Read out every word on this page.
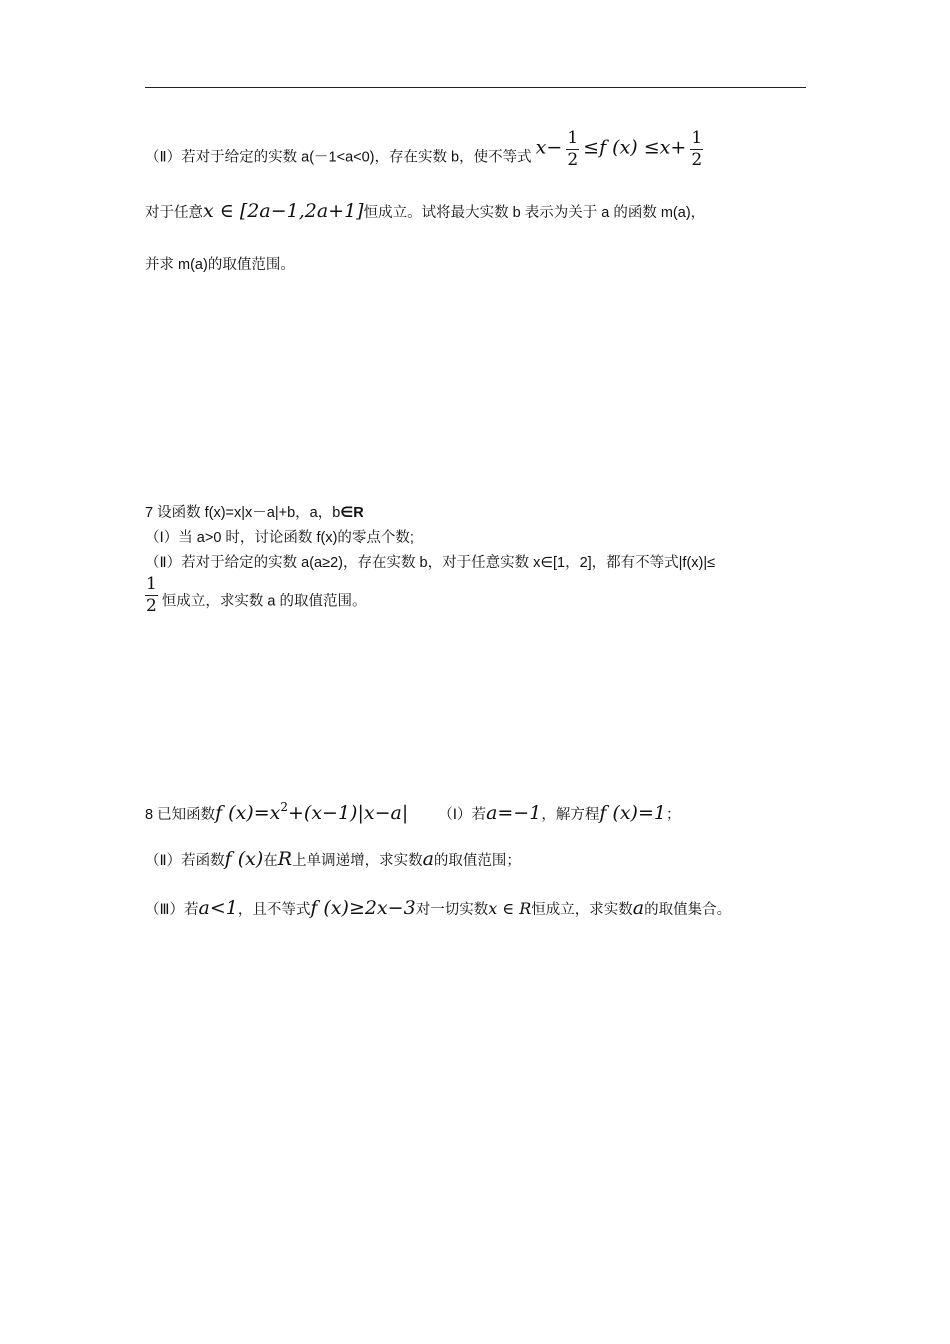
（Ⅱ）若对于给定的实数 a(－1<a<0)，存在实数 b，使不等式 $x- \frac{1}{2} \le f$ $(x) \le x+ \frac{1}{2}$
对于任意x ∈ [2a−1,2a+1]恒成立。试将最大实数 b 表示为关于 a 的函数 m(a)，
并求 m(a)的取值范围。
7 设函数 f(x)=x|x－a|+b，a，b∈R
（Ⅰ）当 a>0 时，讨论函数 f(x)的零点个数;
（Ⅱ）若对于给定的实数 a(a≥2)，存在实数 b，对于任意实数 x∈[1，2]，都有不等式|f(x)|≤
$\frac{1}{2}$ 恒成立，求实数 a 的取值范围。
8 已知函数f $(x)=x^2+(x-1)|x-a|$ （Ⅰ）若a=−1，解方程f (x)=1；
（Ⅱ）若函数f (x)在R上单调递增，求实数a的取值范围；
（Ⅲ）若a<1，且不等式f (x)≥2x−3对一切实数x ∈ R恒成立，求实数a的取值集合。
